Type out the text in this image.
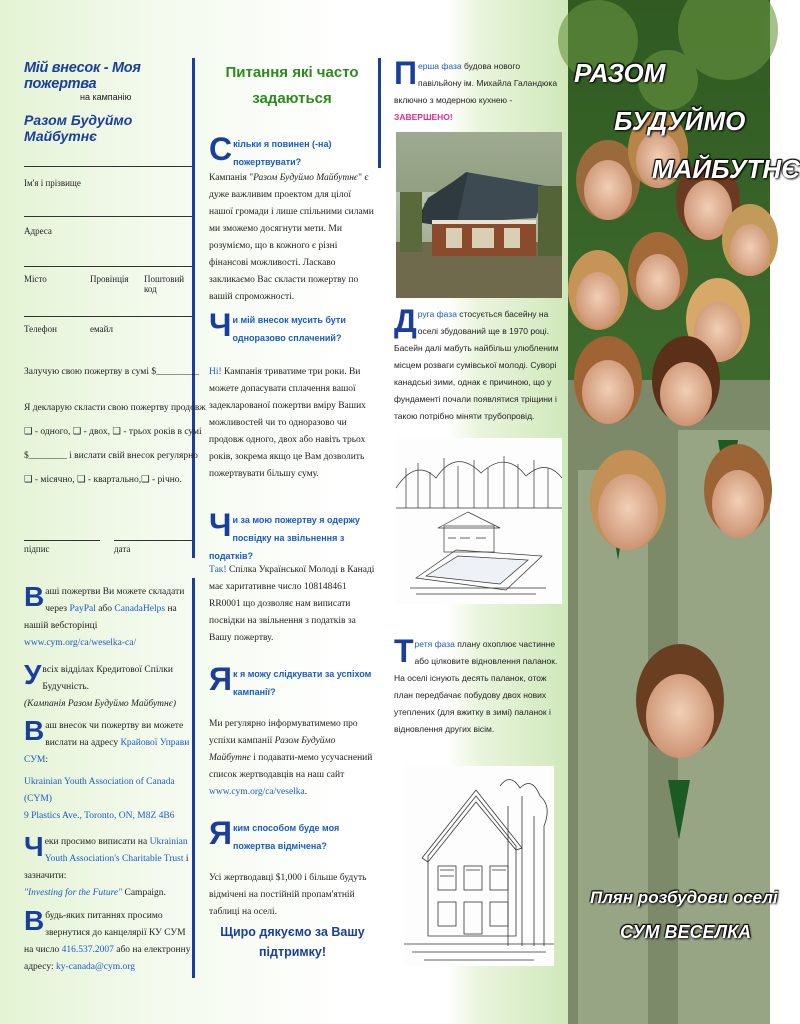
Мій внесок - Моя пожертва
на кампанію
Разом Будуймо Майбутнє
Ім'я і прізвище
Адреса
Місто	Провінція Поштовий код
Телефон	емайл
Залучую свою пожертву в сумі $_________
Я декларую скласти свою пожертву продовж
❑ - одного, ❑ - двох, ❑ - трьох років в сумі
$________ і вислати свій внесок регулярно
❑ - місячно, ❑ - квартально,❑ - річно.
підпис	дата
Ваші пожертви Ви можете складати через PayPal або CanadaHelps на нашій вебсторінці www.cym.org/ca/weselka-ca/
Увсіх відділах Кредитової Спілки Будучність.
(Кампанія Разом Будуймо Майбутнє)
Ваш внесок чи пожертву ви можете вислати на адресу Крайової Управи СУМ:
Ukrainian Youth Association of Canada (CYM)
9 Plastics Ave., Toronto, ON, M8Z 4B6
Чеки просимо виписати на Ukrainian Youth Association's Charitable Trust і зазначити:
"Investing for the Future" Campaign.
Вбудь-яких питаннях просимо звернутися до канцелярії КУ СУМ на число 416.537.2007 або на електронну адресу: ky-canada@cym.org
Питання які часто задаються
Скільки я повинен (-на) пожертвувати?
Кампанія "Разом Будуймо Майбутнє" є дуже важливим проектом для цілої нашої громади і лише спільними силами ми зможемо досягнути мети. Ми розуміємо, що в кожного є різні фінансові можливості. Ласкаво закликаємо Вас скласти пожертву по вашій спроможності.
Чи мій внесок мусить бути одноразово сплачений?
Ні! Кампанія триватиме три роки. Ви можете допасувати сплачення вашої задекларованої пожертви вміру Ваших можливостей чи то одноразово чи продовж одного, двох або навіть трьох років, зокрема якщо це Вам дозволить пожертвувати більшу суму.
Чи за мою пожертву я одержу посвідку на звільнення з податків?
Так! Спілка Української Молоді в Канаді має харитативне число 108148461 RR0001 що дозволяє нам виписати посвідки на звільнення з податків за Вашу пожертву.
Як я можу слідкувати за успіхом кампанії?
Ми регулярно інформуватимемо про успіхи кампанії Разом Будуймо Майбутнє і подавати-мемо усучаснений список жертводавців на наш сайт www.cym.org/ca/veselka.
Яким способом буде моя пожертва відмічена?
Усі жертводавці $1,000 і більше будуть відмічені на постійній пропам'ятній таблиці на оселі.
Щиро дякуємо за Вашу підтримку!
Перша фаза будова нового павільйону ім. Михайла Галандюка включно з модерною кухнею - ЗАВЕРШЕНО!
Друга фаза стосується басейну на оселі збудований ще в 1970 році. Басейн далі мабуть найбільш улюбленим місцем розваги сумівської молоді. Суворі канадські зими, однак є причиною, що у фундаменті почали появлятися тріщини і такою потрібно міняти трубопровід.
Третя фаза плану охоплює частинне або цілковите відновлення паланок. На оселі існують десять паланок, отож план передбачає побудову двох нових утеплених (для вжитку в зимі) паланок і відновлення других вісім.
РАЗОМ
БУДУЙМО
МАЙБУТНЄ
Плян розбудови оселі
СУМ ВЕСЕЛКА
